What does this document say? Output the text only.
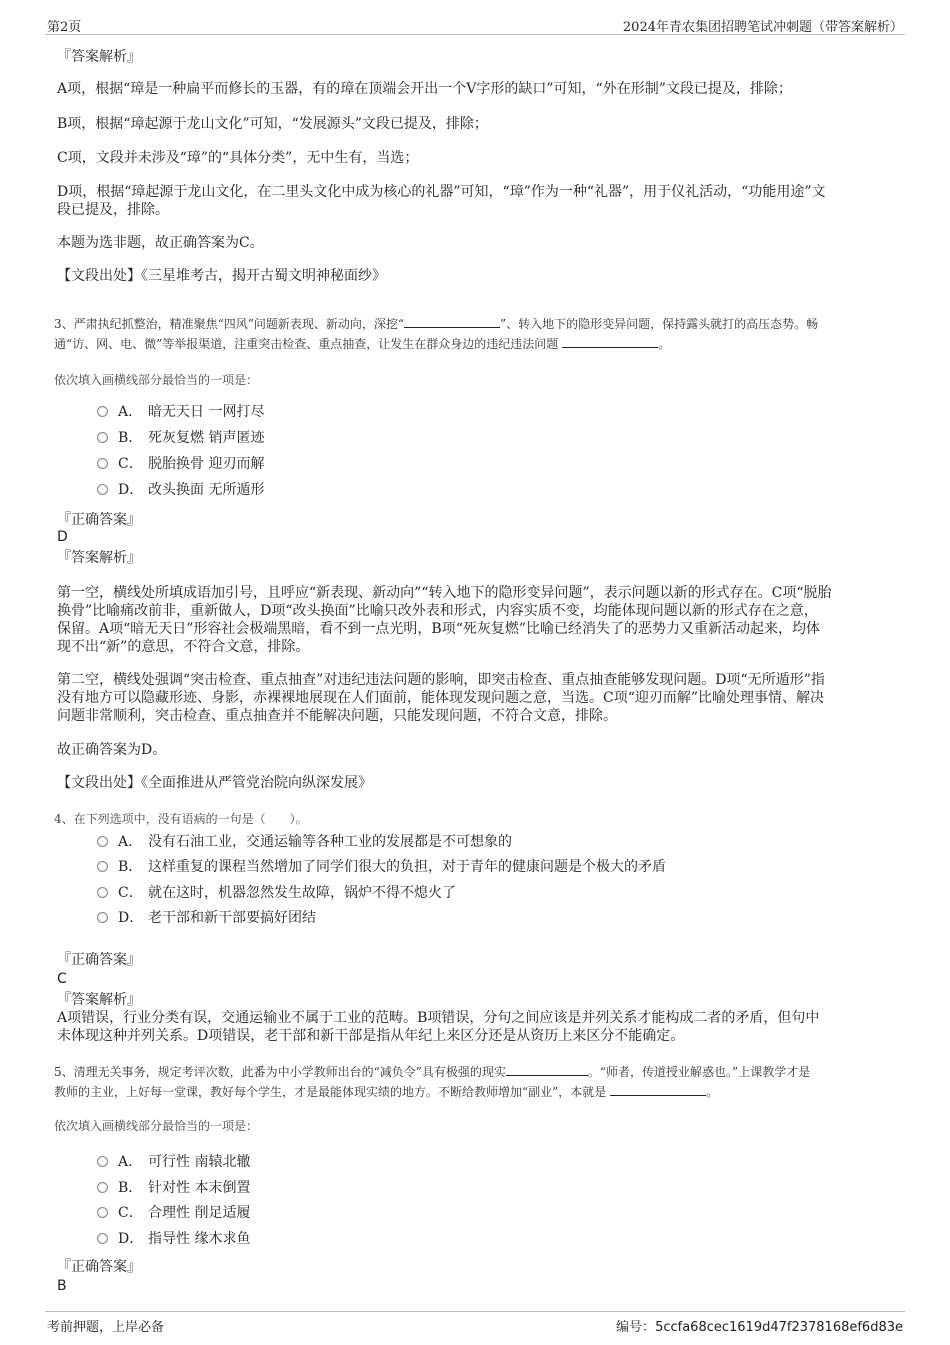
第2页	2024年青农集团招聘笔试冲刺题（带答案解析）
『答案解析』
A项，根据“璋是一种扁平而修长的玉器，有的璋在顶端会开出一个V字形的缺口”可知，“外在形制”文段已提及，排除；
B项，根据“璋起源于龙山文化”可知，“发展源头”文段已提及，排除；
C项，文段并未涉及“璋”的“具体分类”，无中生有，当选；
D项，根据“璋起源于龙山文化，在二里头文化中成为核心的礼器”可知，“璋”作为一种“礼器”，用于仪礼活动，“功能用途”文
段已提及，排除。
本题为选非题，故正确答案为C。
【文段出处】《三星堆考古，揭开古蜀文明神秘面纱》
3、严肃执纪抓整治，精准聚焦“四风”问题新表现、新动向，深挖“	”、转入地下的隐形变异问题，保持露头就打的高压态势。畅
通“访、网、电、微”等举报渠道，注重突击检查、重点抽查，让发生在群众身边的违纪违法问题	。
依次填入画横线部分最恰当的一项是：
A． 暗无天日 一网打尽
B． 死灰复燃 销声匿迹
C． 脱胎换骨 迎刃而解
D． 改头换面 无所遁形
『正确答案』
D
『答案解析』
第一空，横线处所填成语加引号，且呼应“新表现、新动向”“转入地下的隐形变异问题”，表示问题以新的形式存在。C项“脱胎
换骨”比喻痛改前非，重新做人，D项“改头换面”比喻只改外表和形式，内容实质不变，均能体现问题以新的形式存在之意，
保留。A项“暗无天日”形容社会极端黑暗，看不到一点光明，B项“死灰复燃”比喻已经消失了的恶势力又重新活动起来，均体
现不出“新”的意思，不符合文意，排除。
第二空，横线处强调“突击检查、重点抽查”对违纪违法问题的影响，即突击检查、重点抽查能够发现问题。D项“无所遁形”指
没有地方可以隐藏形迹、身影，赤裸裸地展现在人们面前，能体现发现问题之意，当选。C项“迎刃而解”比喻处理事情、解决
问题非常顺利，突击检查、重点抽查并不能解决问题，只能发现问题，不符合文意，排除。
故正确答案为D。
【文段出处】《全面推进从严管党治院向纵深发展》
4、在下列选项中，没有语病的一句是（　　）。
A． 没有石油工业，交通运输等各种工业的发展都是不可想象的
B． 这样重复的课程当然增加了同学们很大的负担，对于青年的健康问题是个极大的矛盾
C． 就在这时，机器忽然发生故障，锅炉不得不熄火了
D． 老干部和新干部要搞好团结
『正确答案』
C
『答案解析』
A项错误，行业分类有误，交通运输业不属于工业的范畴。B项错误，分句之间应该是并列关系才能构成二者的矛盾，但句中
未体现这种并列关系。D项错误，老干部和新干部是指从年纪上来区分还是从资历上来区分不能确定。
5、清理无关事务，规定考评次数，此番为中小学教师出台的“减负令”具有极强的现实	。“师者，传道授业解惑也。”上课教学才是
教师的主业，上好每一堂课，教好每个学生，才是最能体现实绩的地方。不断给教师增加“副业”，本就是	。
依次填入画横线部分最恰当的一项是：
A． 可行性 南辕北辙
B． 针对性 本末倒置
C． 合理性 削足适履
D． 指导性 缘木求鱼
『正确答案』
B
考前押题，上岸必备	编号：5ccfa68cec1619d47f2378168ef6d83e
